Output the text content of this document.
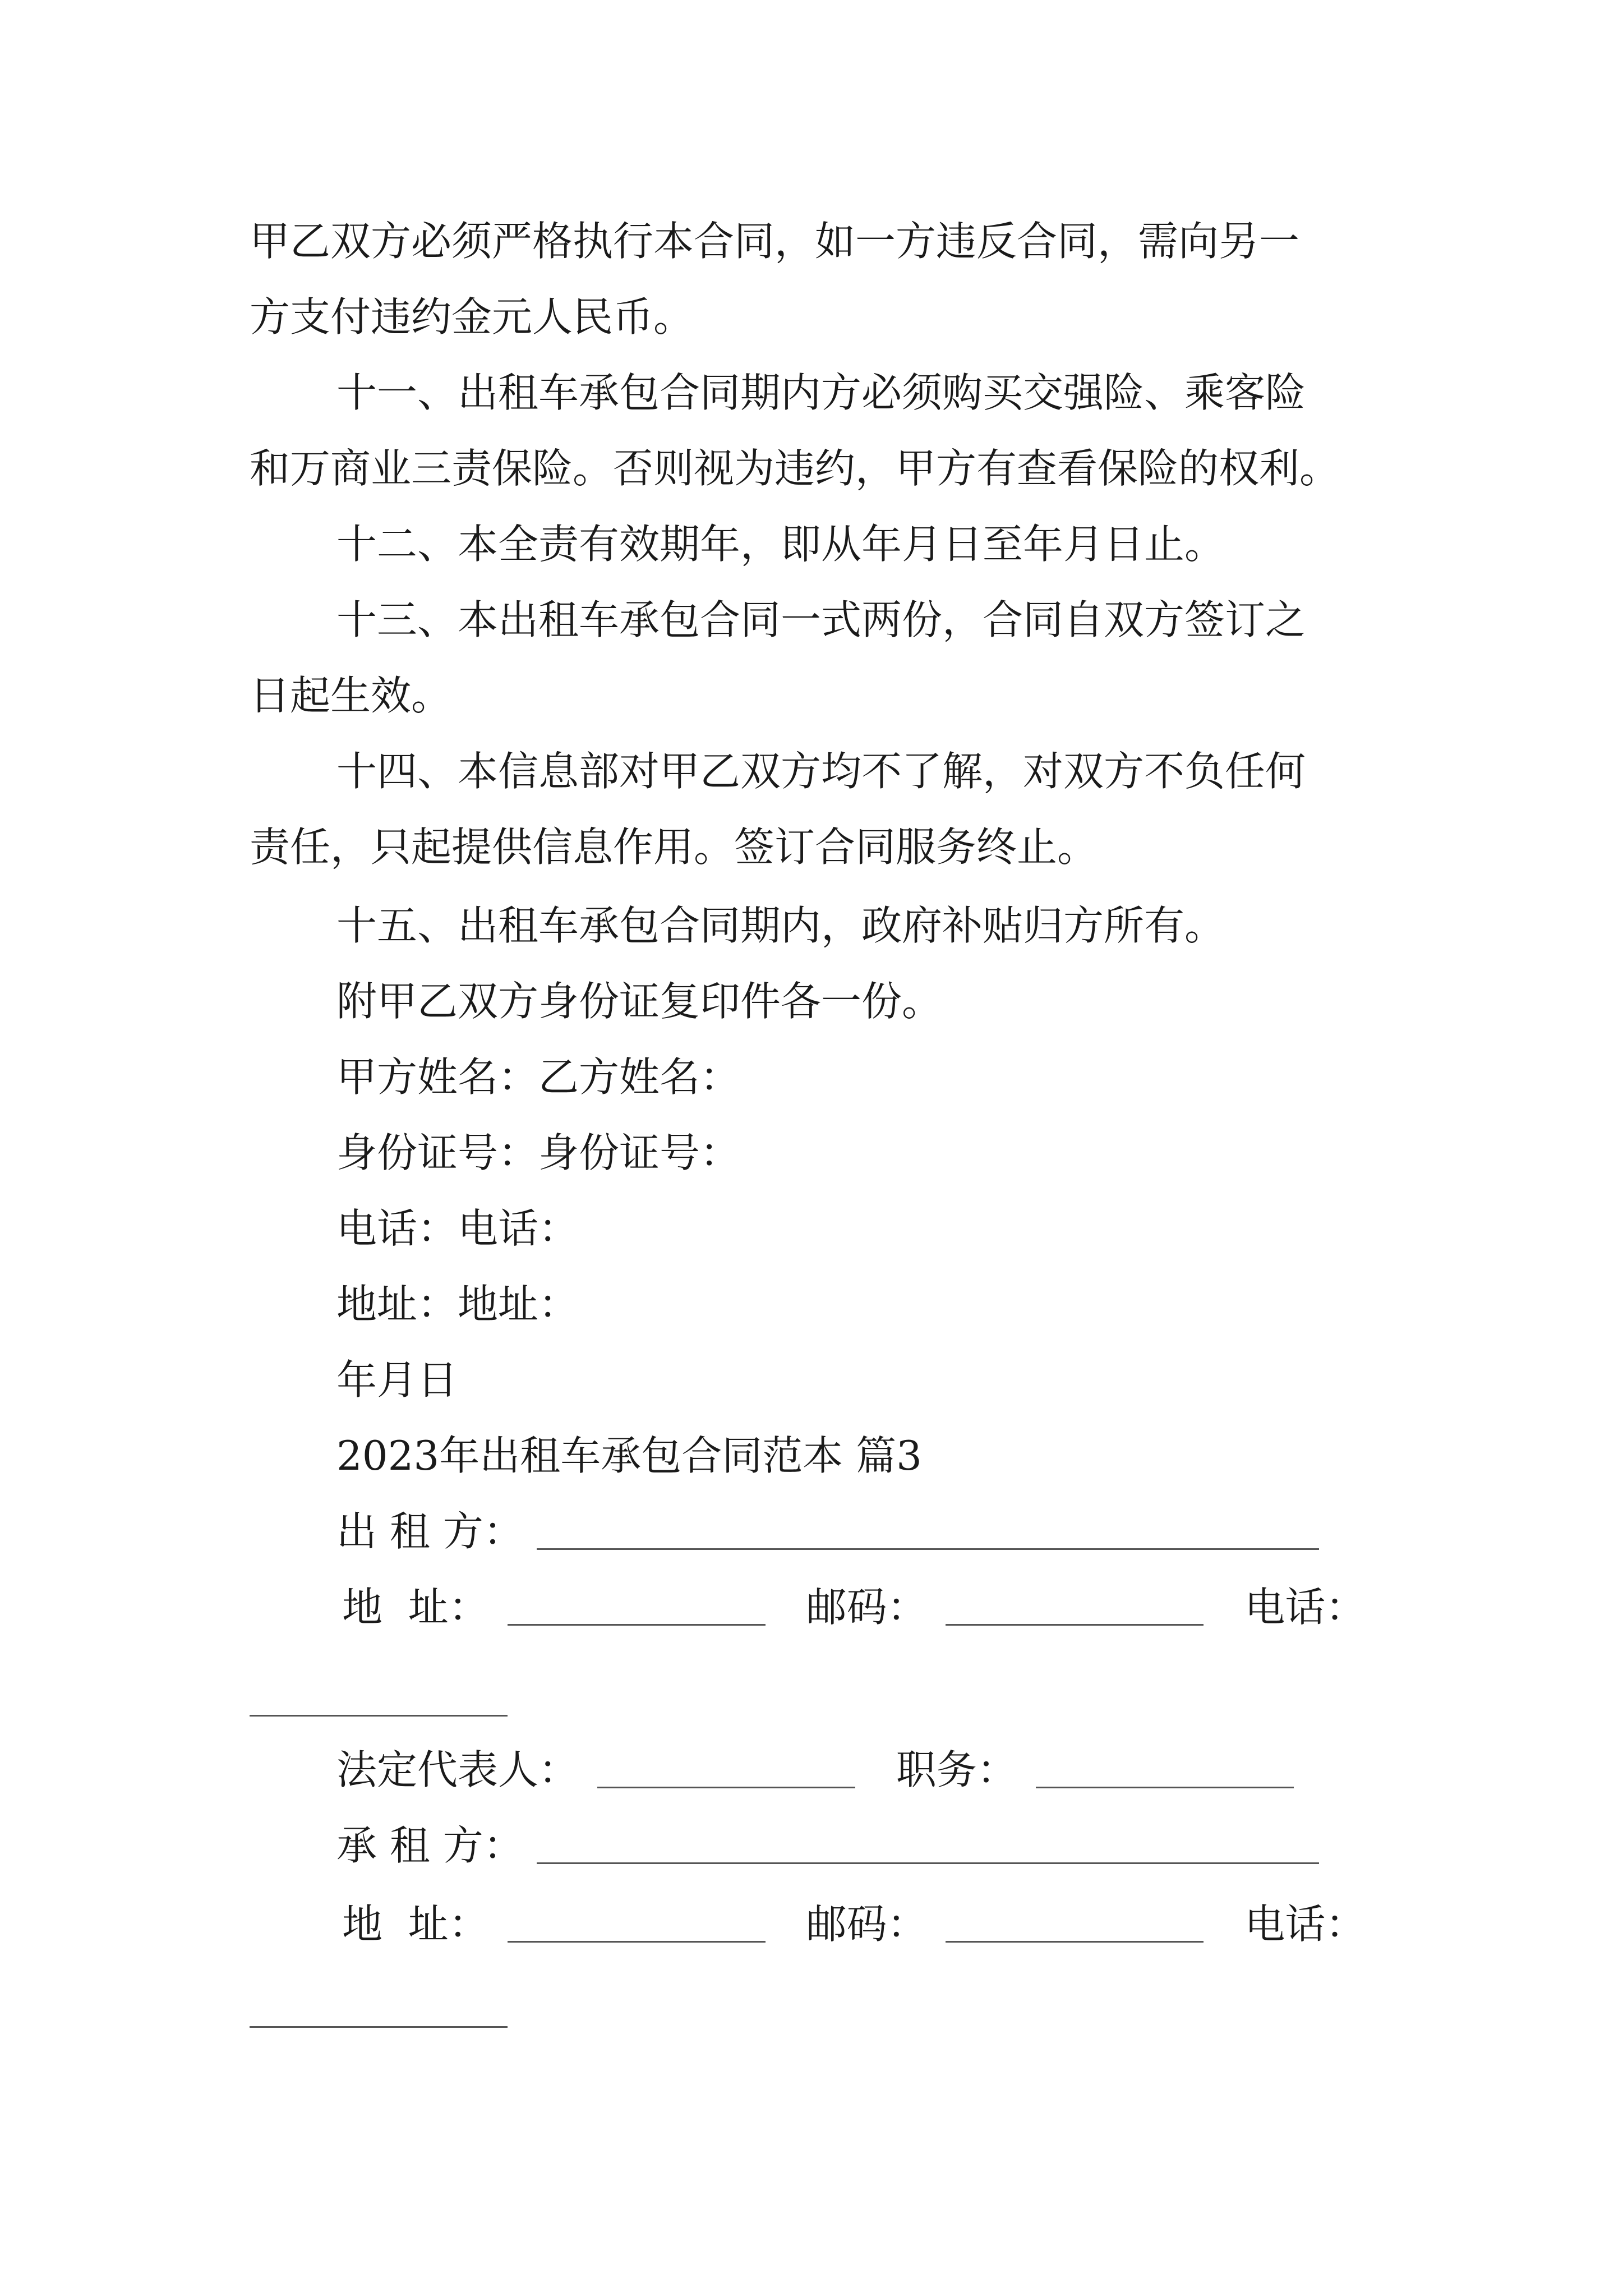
甲乙双方必须严格执行本合同，如一方违反合同，需向另一
方支付违约金元人民币。
十一、出租车承包合同期内方必须购买交强险、乘客险
和万商业三责保险。否则视为违约，甲方有查看保险的权利。
十二、本全责有效期年，即从年月日至年月日止。
十三、本出租车承包合同一式两份，合同自双方签订之
日起生效。
十四、本信息部对甲乙双方均不了解，对双方不负任何
责任，只起提供信息作用。签订合同服务终止。
十五、出租车承包合同期内，政府补贴归方所有。
附甲乙双方身份证复印件各一份。
甲方姓名：乙方姓名：
身份证号：身份证号：
电话：电话：
地址：地址：
年月日
2023年出租车承包合同范本 篇3
出 租 方：
地  址：	邮码：	电话：
法定代表人：	职务：
承 租 方：
地  址：	邮码：	电话：
